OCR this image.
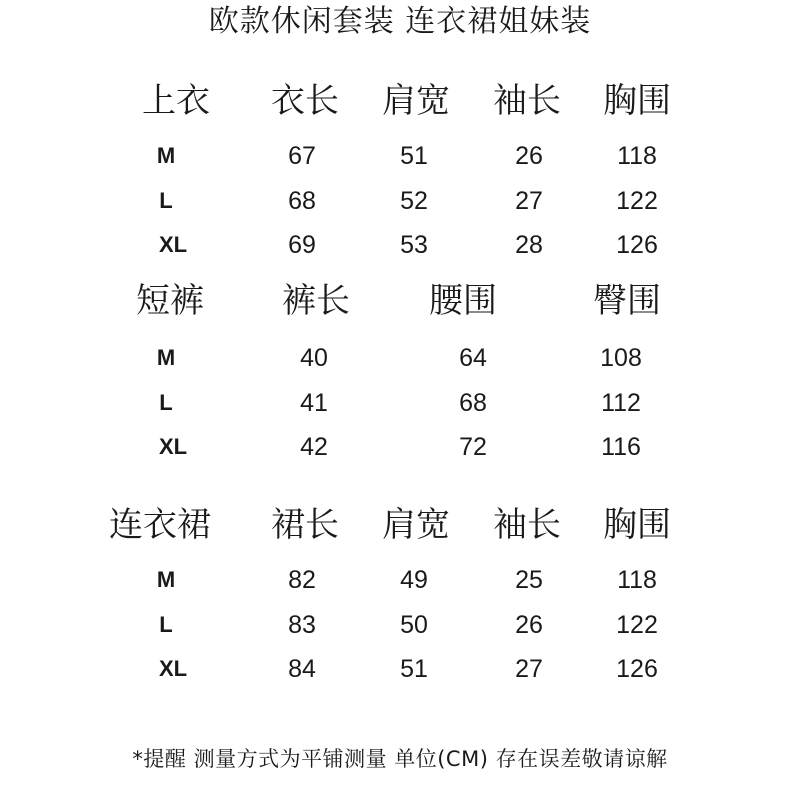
欧款休闲套装 连衣裙姐妹装
上衣 衣长 肩宽 袖长 胸围
M	67	51	26	118
L	68	52	27	122
XL	69	53	28	126
短裤 裤长 腰围	臀围
M	40	64	108
L	41	68	112
XL	42	72	116
连衣裙 裙长 肩宽 袖长 胸围
M	82	49	25	118
L	83	50	26	122
XL	84	51	27	126
*提醒 测量方式为平铺测量 单位(CM) 存在误差敬请谅解
